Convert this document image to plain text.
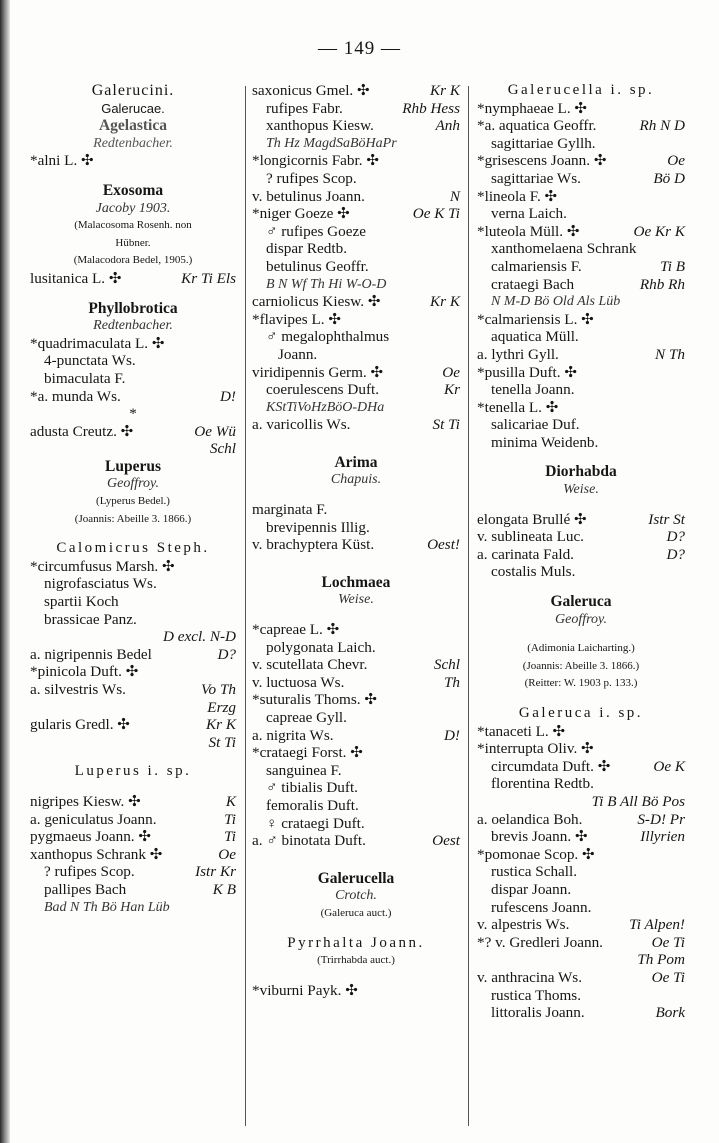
— 149 —
Galerucini.
Galerucae.
Agelastica
Redtenbacher.
*alni L. ✣
Exosoma
Jacoby 1903.
(Malacosoma Rosenh. non
Hübner.
(Malacodora Bedel, 1905.)
lusitanica L. ✣	Kr Ti Els
Phyllobrotica
Redtenbacher.
*quadrimaculata L. ✣
4-punctata Ws.
bimaculata F.
*a. munda Ws.	D!
*
adusta Creutz. ✣	Oe Wü
Schl
Luperus
Geoffroy.
(Lyperus Bedel.)
(Joannis: Abeille 3. 1866.)
Calomicrus Steph.
*circumfusus Marsh. ✣
nigrofasciatus Ws.
spartii Koch
brassicae Panz.
D excl. N-D
a. nigripennis Bedel	D?
*pinicola Duft. ✣
a. silvestris Ws.	Vo Th
Erzg
gularis Gredl. ✣	Kr K
St Ti
Luperus i. sp.
nigripes Kiesw. ✣	K
a. geniculatus Joann.	Ti
pygmaeus Joann. ✣	Ti
xanthopus Schrank ✣	Oe
? rufipes Scop.	Istr Kr
pallipes Bach	K B
Bad N Th Bö Han Lüb
saxonicus Gmel. ✣	Kr K
rufipes Fabr.	Rhb Hess
xanthopus Kiesw.	Anh
Th Hz MagdSaBöHaPr
*longicornis Fabr. ✣
? rufipes Scop.
v. betulinus Joann.	N
*niger Goeze ✣	Oe K Ti
♂ rufipes Goeze
dispar Redtb.
betulinus Geoffr.
B N Wf Th Hi W-O-D
carniolicus Kiesw. ✣	Kr K
*flavipes L. ✣
♂ megalophthalmus
Joann.
viridipennis Germ. ✣	Oe
coerulescens Duft.	Kr
KStTiVoHzBöO-DHa
a. varicollis Ws.	St Ti
Arima
Chapuis.
marginata F.
brevipennis Illig.
v. brachyptera Küst.	Oest!
Lochmaea
Weise.
*capreae L. ✣
polygonata Laich.
v. scutellata Chevr.	Schl
v. luctuosa Ws.	Th
*suturalis Thoms. ✣
capreae Gyll.
a. nigrita Ws.	D!
*crataegi Forst. ✣
sanguinea F.
♂ tibialis Duft.
femoralis Duft.
♀ crataegi Duft.
a. ♂ binotata Duft.	Oest
Galerucella
Crotch.
(Galeruca auct.)
Pyrrhalta Joann.
(Trirrhabda auct.)
*viburni Payk. ✣
Galerucella i. sp.
*nymphaeae L. ✣
*a. aquatica Geoffr.	Rh N D
sagittariae Gyllh.
*grisescens Joann. ✣	Oe
sagittariae Ws.	Bö D
*lineola F. ✣
verna Laich.
*luteola Müll. ✣	Oe Kr K
xanthomelaena Schrank
calmariensis F.	Ti B
crataegi Bach	Rhb Rh
N M-D Bö Old Als Lüb
*calmariensis L. ✣
aquatica Müll.
a. lythri Gyll.	N Th
*pusilla Duft. ✣
tenella Joann.
*tenella L. ✣
salicariae Duf.
minima Weidenb.
Diorhabda
Weise.
elongata Brullé ✣	Istr St
v. sublineata Luc.	D?
a. carinata Fald.	D?
costalis Muls.
Galeruca
Geoffroy.
(Adimonia Laicharting.)
(Joannis: Abeille 3. 1866.)
(Reitter: W. 1903 p. 133.)
Galeruca i. sp.
*tanaceti L. ✣
*interrupta Oliv. ✣
circumdata Duft. ✣	Oe K
florentina Redtb.
Ti B All Bö Pos
a. oelandica Boh.	S-D! Pr
brevis Joann. ✣	Illyrien
*pomonae Scop. ✣
rustica Schall.
dispar Joann.
rufescens Joann.
v. alpestris Ws.	Ti Alpen!
*? v. Gredleri Joann.	Oe Ti
Th Pom
v. anthracina Ws.	Oe Ti
rustica Thoms.
littoralis Joann.	Bork
